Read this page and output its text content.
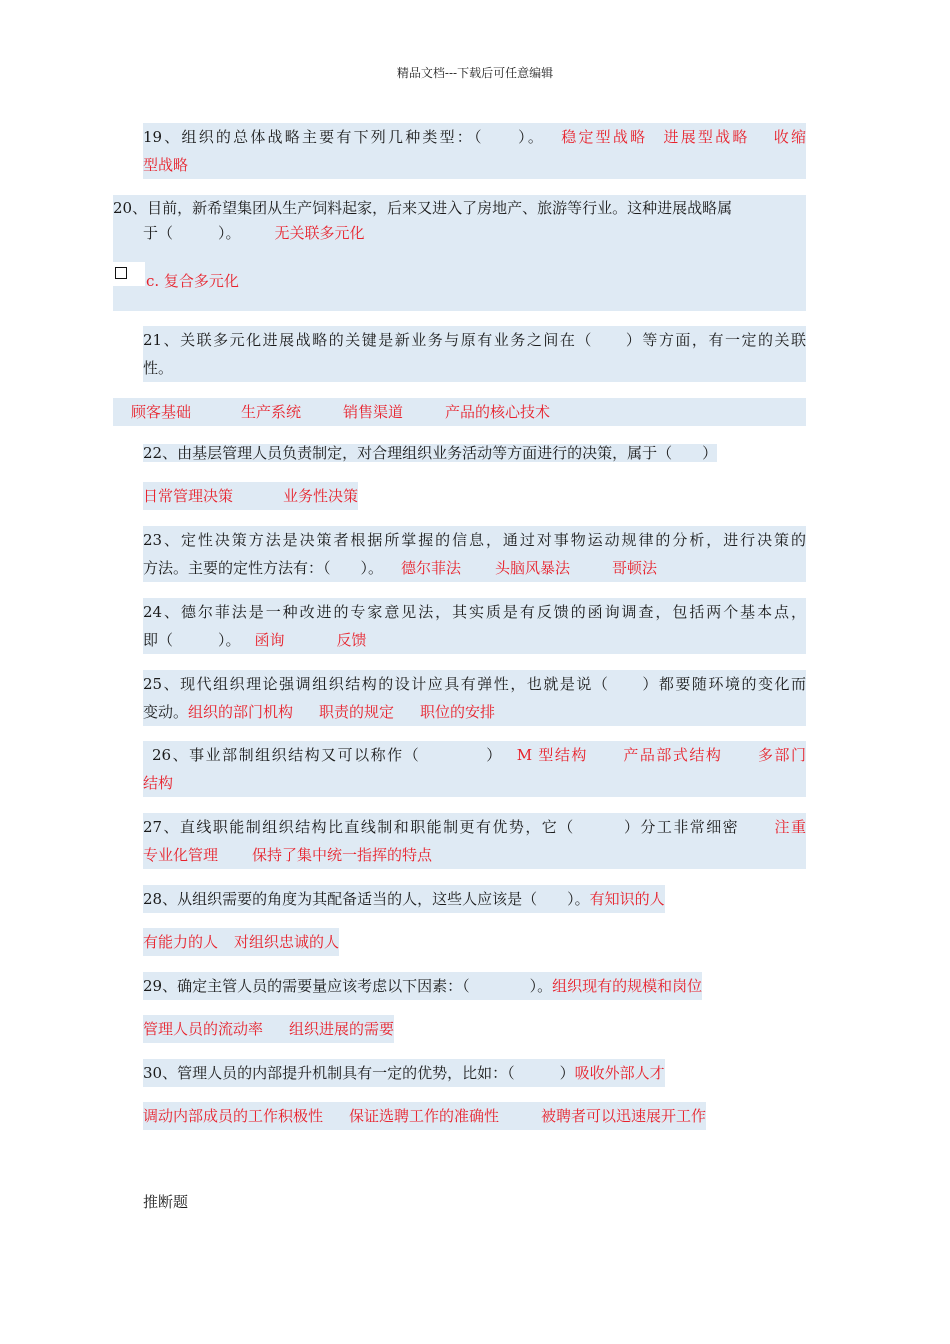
精品文档---下载后可任意编辑
19、组织的总体战略主要有下列几种类型：（　　）。 稳定型战略 进展型战略 收缩
型战略
20、目前，新希望集团从生产饲料起家，后来又进入了房地产、旅游等行业。这种进展战略属
于（　　　）。 无关联多元化
c. 复合多元化
21、关联多元化进展战略的关键是新业务与原有业务之间在（　　）等方面，有一定的关联
性。
顾客基础	生产系统	销售渠道	产品的核心技术
22、由基层管理人员负责制定，对合理组织业务活动等方面进行的决策，属于（　　）
日常管理决策	业务性决策
23、定性决策方法是决策者根据所掌握的信息，通过对事物运动规律的分析，进行决策的
方法。主要的定性方法有：（　　）。 德尔菲法 头脑风暴法	哥顿法
24、德尔菲法是一种改进的专家意见法，其实质是有反馈的函询调查，包括两个基本点，
即（　　　）。 函询	反馈
25、现代组织理论强调组织结构的设计应具有弹性，也就是说（　　）都要随环境的变化而
变动。组织的部门机构 职责的规定 职位的安排
26、事业部制组织结构又可以称作（　　　　） M 型结构 产品部式结构 多部门
结构
27、直线职能制组织结构比直线制和职能制更有优势，它（　　　）分工非常细密 注重
专业化管理 保持了集中统一指挥的特点
28、从组织需要的角度为其配备适当的人，这些人应该是（　　）。有知识的人
有能力的人 对组织忠诚的人
29、确定主管人员的需要量应该考虑以下因素：（　　　　）。组织现有的规模和岗位
管理人员的流动率 组织进展的需要
30、管理人员的内部提升机制具有一定的优势，比如：（　　　）吸收外部人才
调动内部成员的工作积极性 保证选聘工作的准确性	被聘者可以迅速展开工作
推断题
